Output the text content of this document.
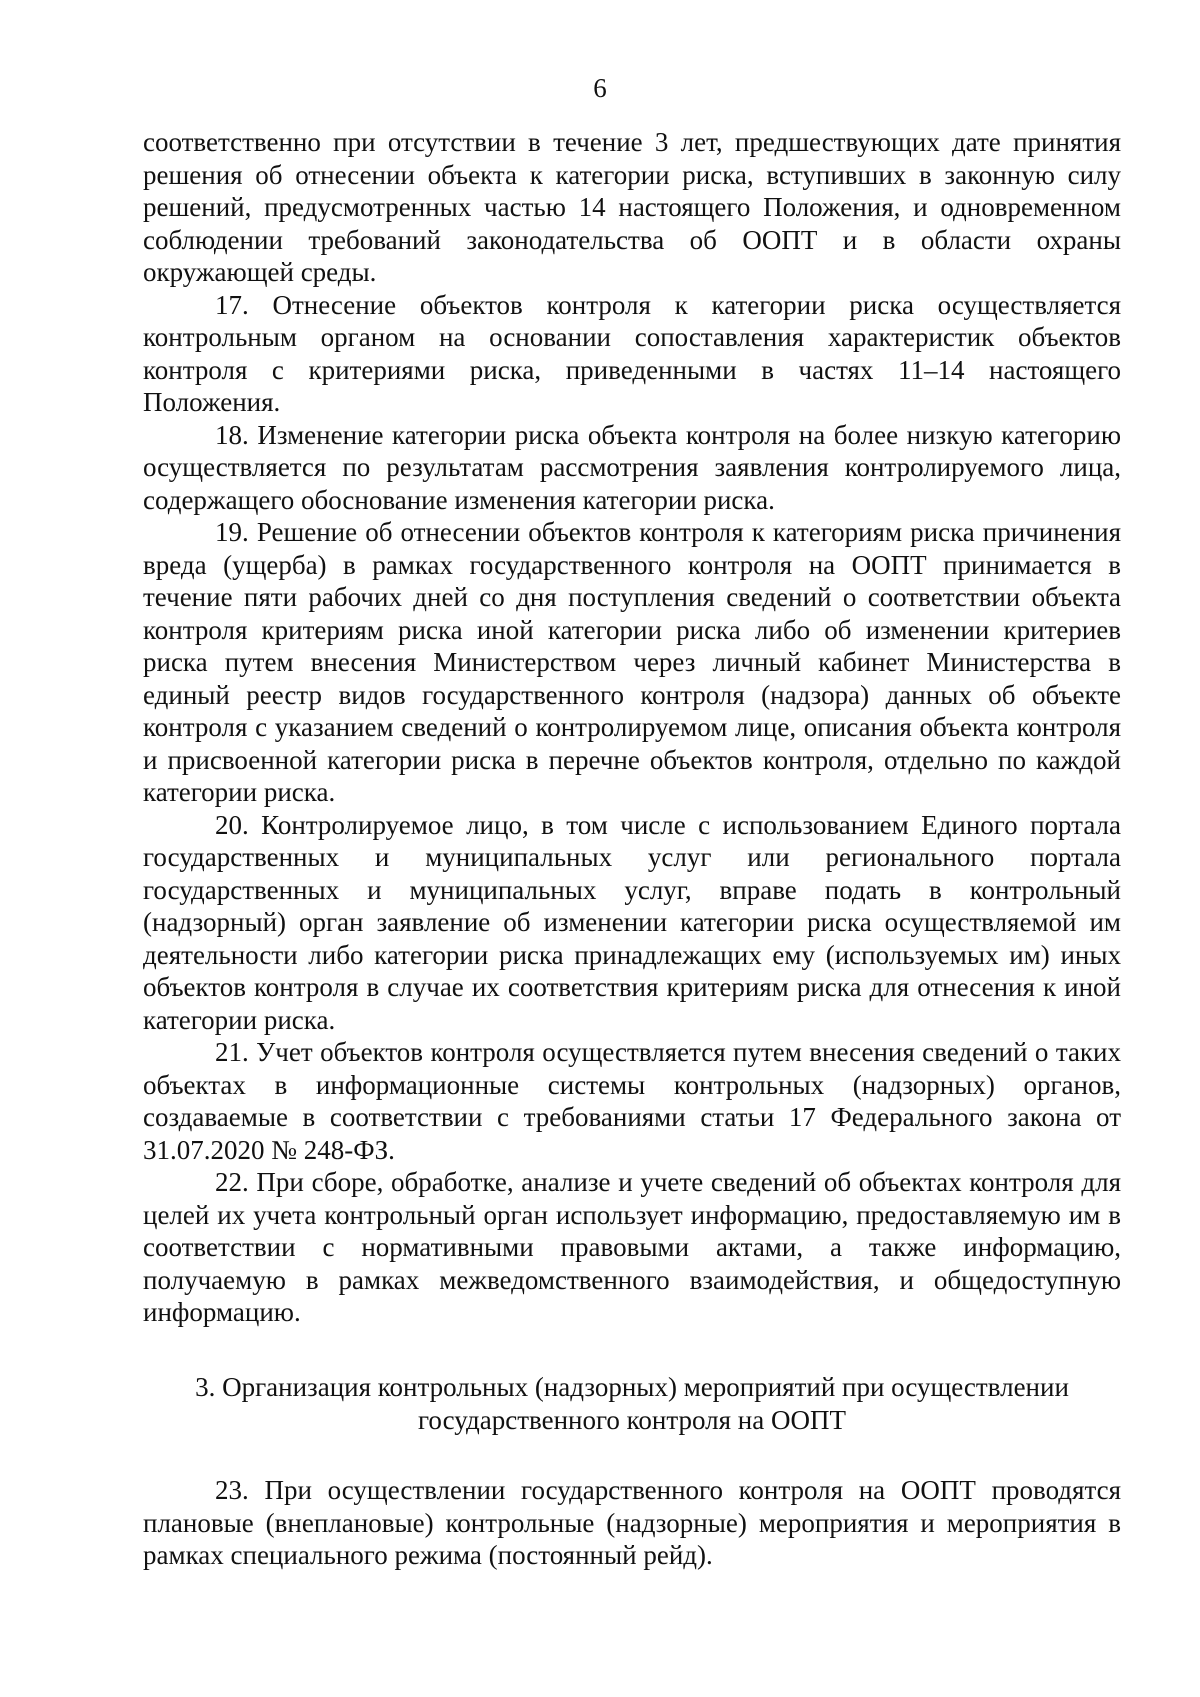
6

соответственно при отсутствии в течение 3 лет, предшествующих дате принятия решения об отнесении объекта к категории риска, вступивших в законную силу решений, предусмотренных частью 14 настоящего Положения, и одновременном соблюдении требований законодательства об ООПТ и в области охраны окружающей среды.

17. Отнесение объектов контроля к категории риска осуществляется контрольным органом на основании сопоставления характеристик объектов контроля с критериями риска, приведенными в частях 11–14 настоящего Положения.

18. Изменение категории риска объекта контроля на более низкую категорию осуществляется по результатам рассмотрения заявления контролируемого лица, содержащего обоснование изменения категории риска.

19. Решение об отнесении объектов контроля к категориям риска причинения вреда (ущерба) в рамках государственного контроля на ООПТ принимается в течение пяти рабочих дней со дня поступления сведений о соответствии объекта контроля критериям риска иной категории риска либо об изменении критериев риска путем внесения Министерством через личный кабинет Министерства в единый реестр видов государственного контроля (надзора) данных об объекте контроля с указанием сведений о контролируемом лице, описания объекта контроля и присвоенной категории риска в перечне объектов контроля, отдельно по каждой категории риска.

20. Контролируемое лицо, в том числе с использованием Единого портала государственных и муниципальных услуг или регионального портала государственных и муниципальных услуг, вправе подать в контрольный (надзорный) орган заявление об изменении категории риска осуществляемой им деятельности либо категории риска принадлежащих ему (используемых им) иных объектов контроля в случае их соответствия критериям риска для отнесения к иной категории риска.

21. Учет объектов контроля осуществляется путем внесения сведений о таких объектах в информационные системы контрольных (надзорных) органов, создаваемые в соответствии с требованиями статьи 17 Федерального закона от 31.07.2020 № 248-ФЗ.

22. При сборе, обработке, анализе и учете сведений об объектах контроля для целей их учета контрольный орган использует информацию, предоставляемую им в соответствии с нормативными правовыми актами, а также информацию, получаемую в рамках межведомственного взаимодействия, и общедоступную информацию.

3. Организация контрольных (надзорных) мероприятий при осуществлении
государственного контроля на ООПТ

23. При осуществлении государственного контроля на ООПТ проводятся плановые (внеплановые) контрольные (надзорные) мероприятия и мероприятия в рамках специального режима (постоянный рейд).
